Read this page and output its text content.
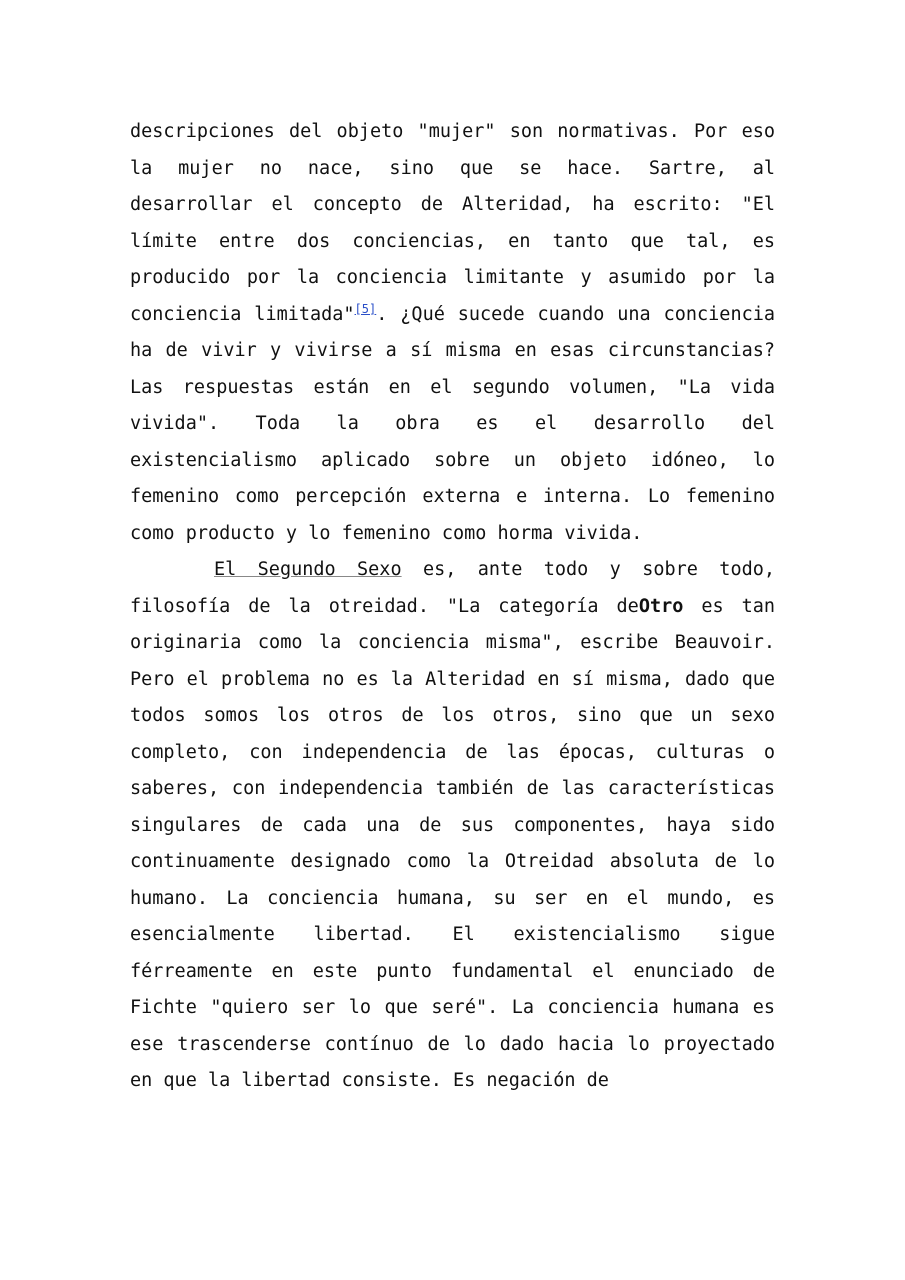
descripciones del objeto "mujer" son normativas. Por eso la mujer no nace, sino que se hace. Sartre, al desarrollar el concepto de Alteridad, ha escrito: "El límite entre dos conciencias, en tanto que tal, es producido por la conciencia limitante y asumido por la conciencia limitada"[5]. ¿Qué sucede cuando una conciencia ha de vivir y vivirse a sí misma en esas circunstancias? Las respuestas están en el segundo volumen, "La vida vivida". Toda la obra es el desarrollo del existencialismo aplicado sobre un objeto idóneo, lo femenino como percepción externa e interna. Lo femenino como producto y lo femenino como horma vivida.

El Segundo Sexo es, ante todo y sobre todo, filosofía de la otreidad. "La categoría deOtro es tan originaria como la conciencia misma", escribe Beauvoir. Pero el problema no es la Alteridad en sí misma, dado que todos somos los otros de los otros, sino que un sexo completo, con independencia de las épocas, culturas o saberes, con independencia también de las características singulares de cada una de sus componentes, haya sido continuamente designado como la Otreidad absoluta de lo humano. La conciencia humana, su ser en el mundo, es esencialmente libertad. El existencialismo sigue férreamente en este punto fundamental el enunciado de Fichte "quiero ser lo que seré". La conciencia humana es ese trascenderse contínuo de lo dado hacia lo proyectado en que la libertad consiste. Es negación de
